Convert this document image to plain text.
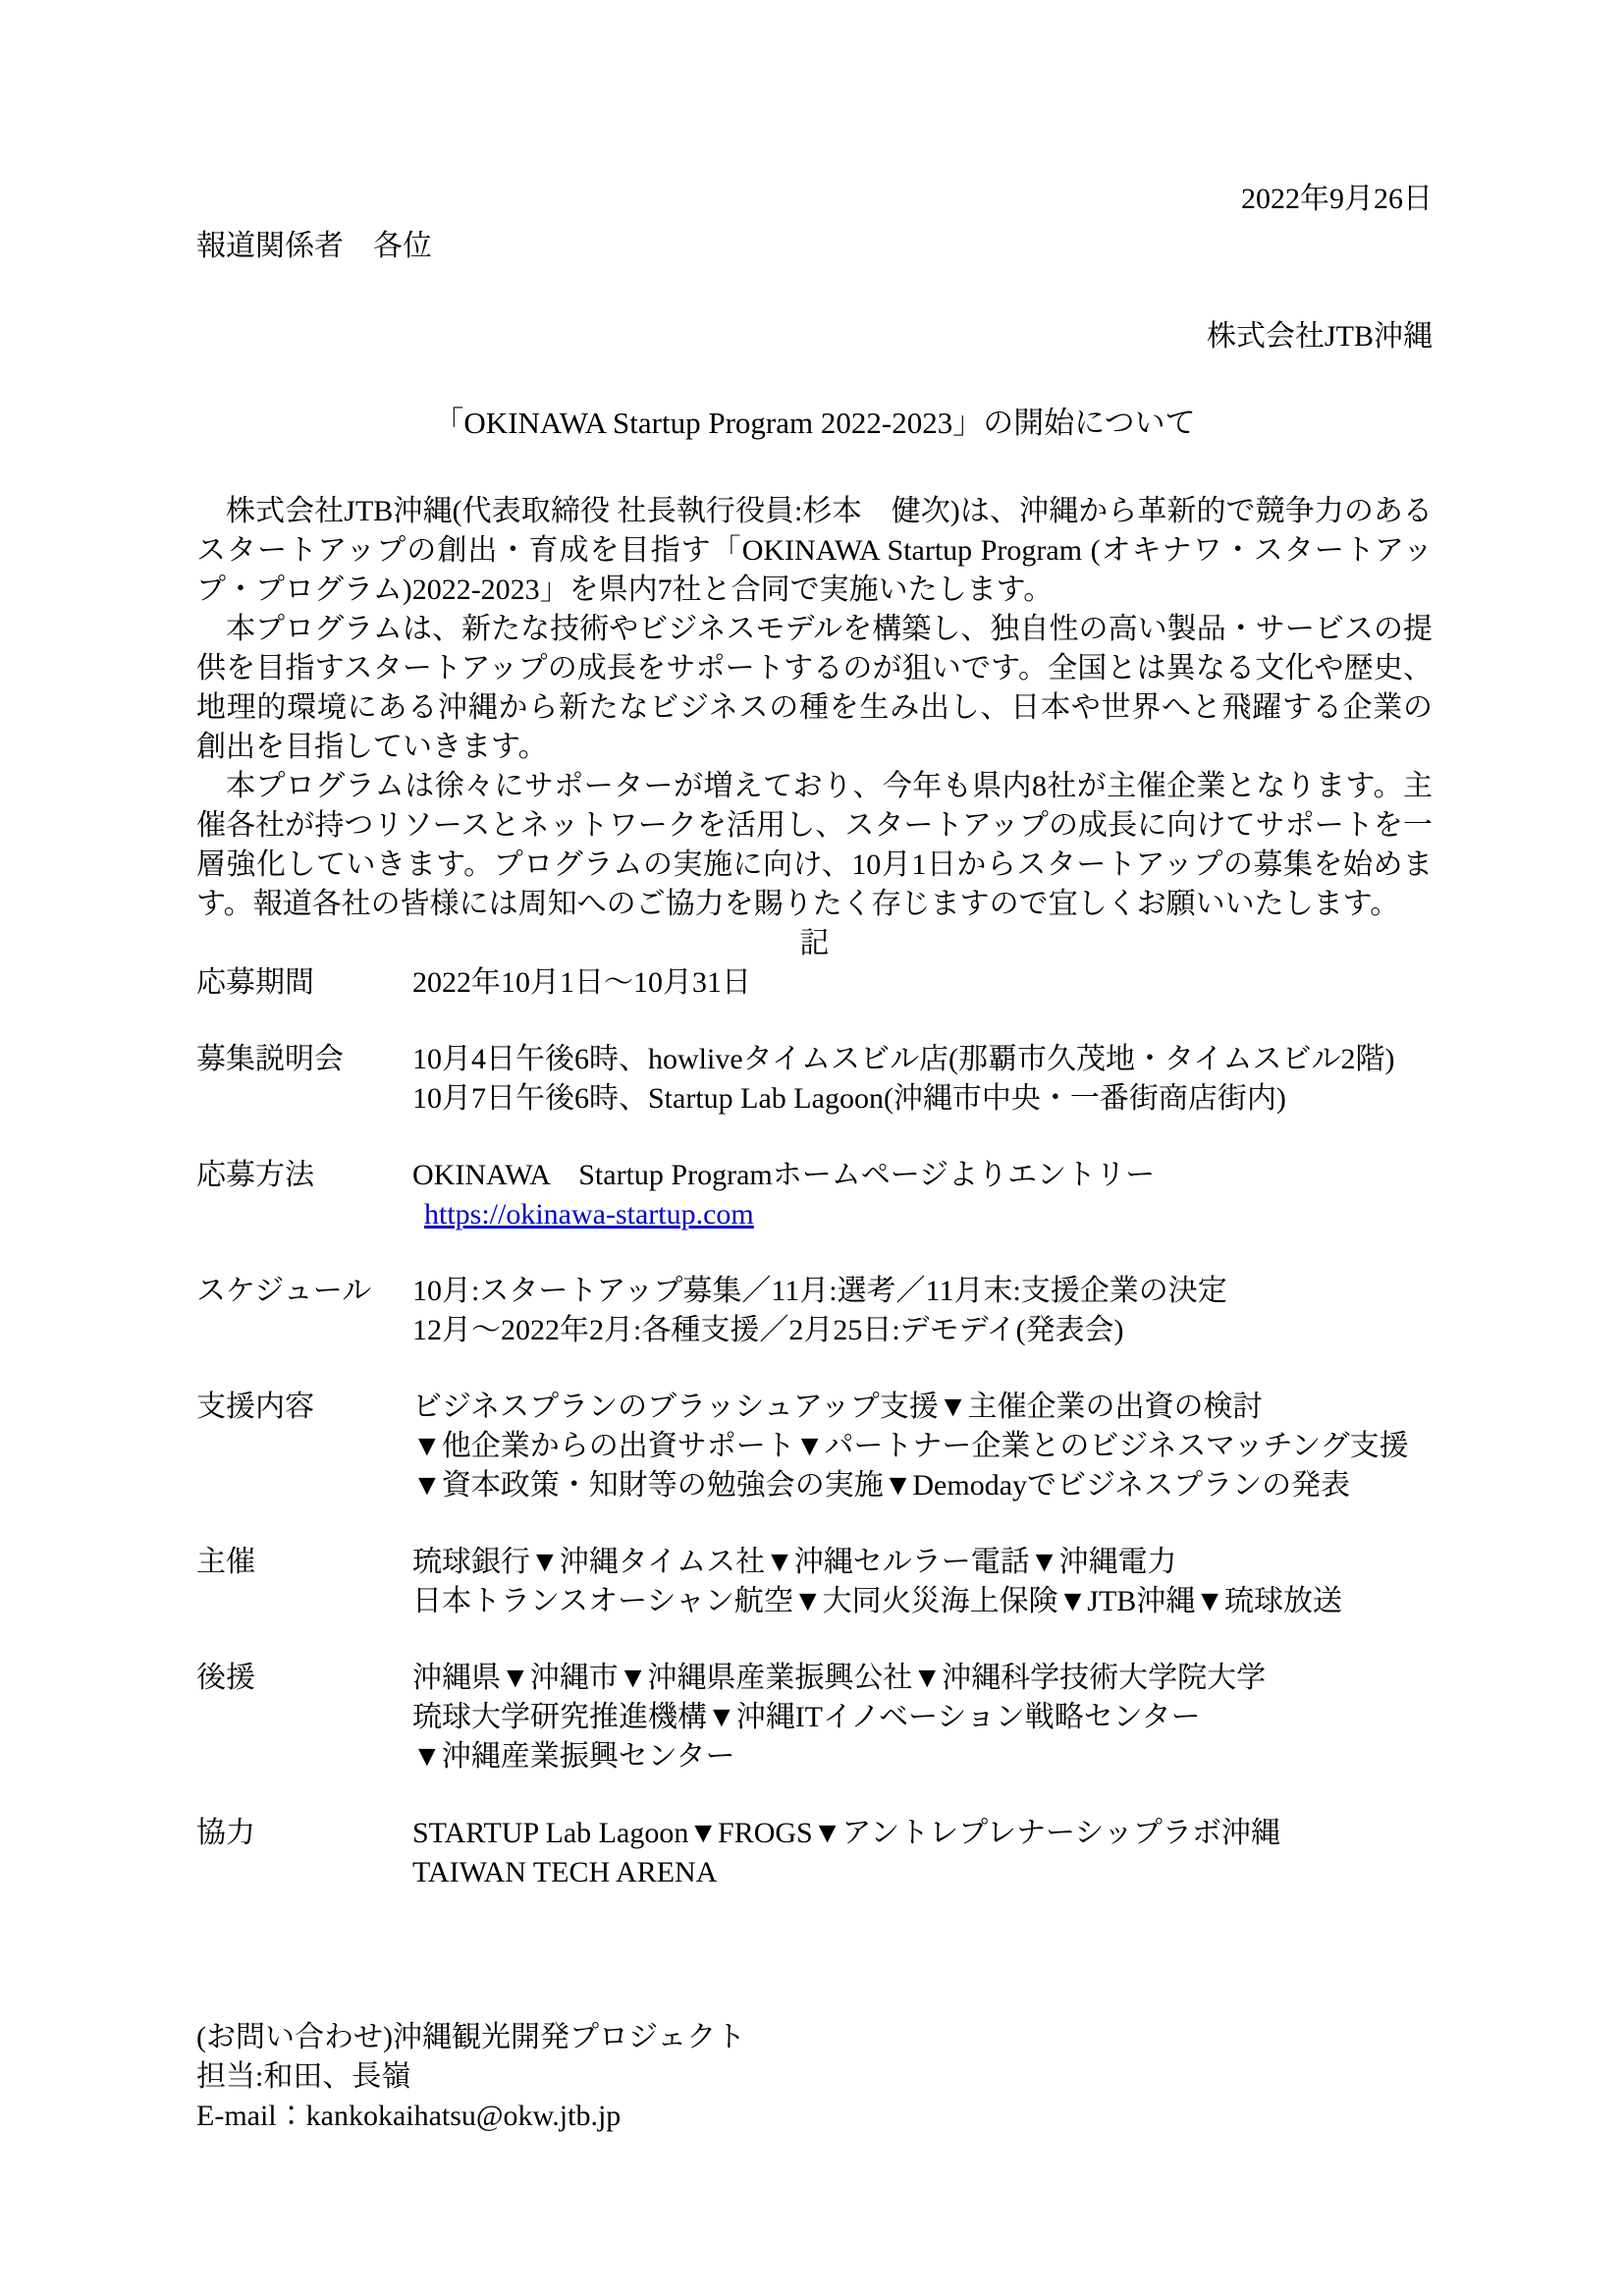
2022年9月26日
報道関係者　各位
株式会社JTB沖縄
「OKINAWA Startup Program 2022-2023」の開始について

株式会社JTB沖縄(代表取締役 社長執行役員:杉本　健次)は、沖縄から革新的で競争力のあるスタートアップの創出・育成を目指す「OKINAWA Startup Program (オキナワ・スタートアップ・プログラム)2022-2023」を県内7社と合同で実施いたします。

本プログラムは、新たな技術やビジネスモデルを構築し、独自性の高い製品・サービスの提供を目指すスタートアップの成長をサポートするのが狙いです。全国とは異なる文化や歴史、地理的環境にある沖縄から新たなビジネスの種を生み出し、日本や世界へと飛躍する企業の創出を目指していきます。

本プログラムは徐々にサポーターが増えており、今年も県内8社が主催企業となります。主催各社が持つリソースとネットワークを活用し、スタートアップの成長に向けてサポートを一層強化していきます。プログラムの実施に向け、10月1日からスタートアップの募集を始めます。報道各社の皆様には周知へのご協力を賜りたく存じますので宜しくお願いいたします。

記
応募期間	2022年10月1日～10月31日
募集説明会	10月4日午後6時、howliveタイムスビル店(那覇市久茂地・タイムスビル2階)
10月7日午後6時、Startup Lab Lagoon(沖縄市中央・一番街商店街内)
応募方法	OKINAWA　Startup Programホームページよりエントリー
https://okinawa-startup.com
スケジュール	10月:スタートアップ募集／11月:選考／11月末:支援企業の決定
12月～2022年2月:各種支援／2月25日:デモデイ(発表会)
支援内容	ビジネスプランのブラッシュアップ支援▼主催企業の出資の検討
▼他企業からの出資サポート▼パートナー企業とのビジネスマッチング支援
▼資本政策・知財等の勉強会の実施▼Demodayでビジネスプランの発表
主催	琉球銀行▼沖縄タイムス社▼沖縄セルラー電話▼沖縄電力
日本トランスオーシャン航空▼大同火災海上保険▼JTB沖縄▼琉球放送
後援	沖縄県▼沖縄市▼沖縄県産業振興公社▼沖縄科学技術大学院大学
琉球大学研究推進機構▼沖縄ITイノベーション戦略センター
▼沖縄産業振興センター
協力	STARTUP Lab Lagoon▼FROGS▼アントレプレナーシップラボ沖縄
TAIWAN TECH ARENA
(お問い合わせ)沖縄観光開発プロジェクト
担当:和田、長嶺
E-mail：kankokaihatsu@okw.jtb.jp
